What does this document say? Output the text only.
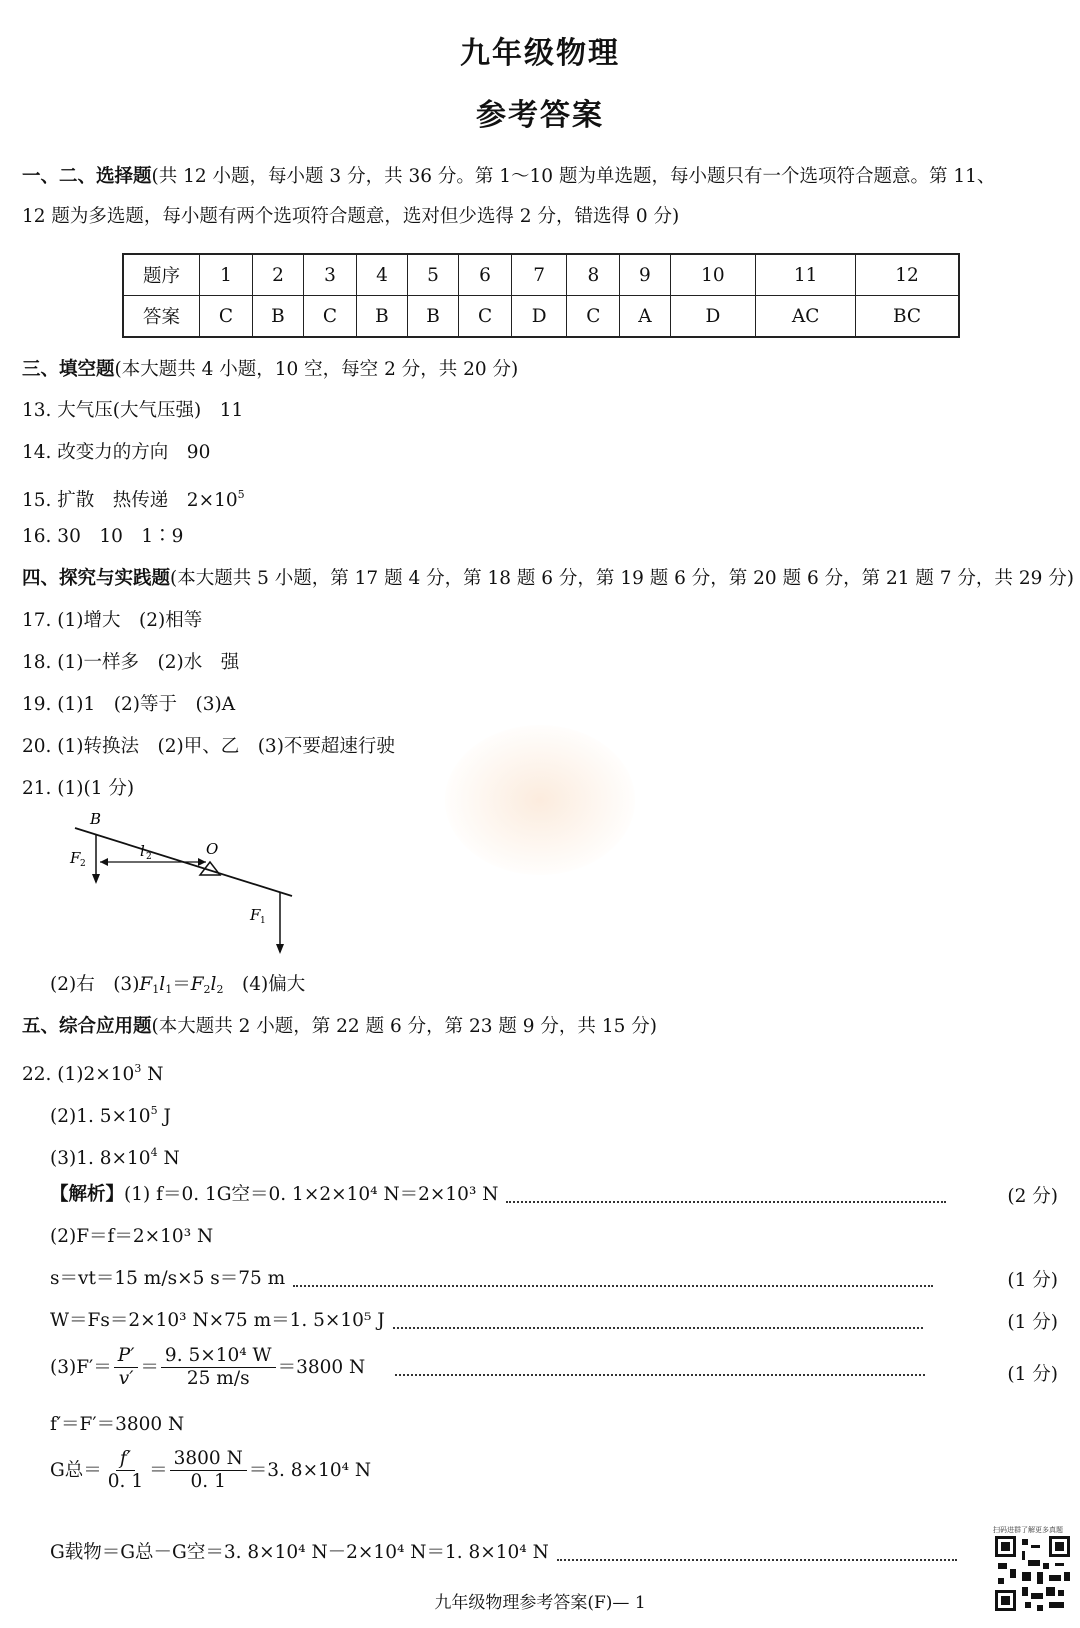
九年级物理
参考答案
一、二、选择题(共 12 小题，每小题 3 分，共 36 分。第 1～10 题为单选题，每小题只有一个选项符合题意。第 11、
12 题为多选题，每小题有两个选项符合题意，选对但少选得 2 分，错选得 0 分)
题序	1	2	3	4	5	6	7	8	9	10	11	12
答案	C	B	C	B	B	C	D	C	A	D	AC	BC
三、填空题(本大题共 4 小题，10 空，每空 2 分，共 20 分)
13. 大气压(大气压强)　11
14. 改变力的方向　90
15. 扩散　热传递　$2\times 10^5$
16. 30　10　1∶9
四、探究与实践题(本大题共 5 小题，第 17 题 4 分，第 18 题 6 分，第 19 题 6 分，第 20 题 6 分，第 21 题 7 分，共 29 分)
17. (1)增大　(2)相等
18. (1)一样多　(2)水　强
19. (1)1　(2)等于　(3)A
20. (1)转换法　(2)甲、乙　(3)不要超速行驶
21. (1)(1 分)
B
O
l 2
F 2
F 1
(2)右　$(3)F_1l_1=F_2l_2$　 (4)偏大
五、综合应用题(本大题共 2 小题，第 22 题 6 分，第 23 题 9 分，共 15 分)
22. $(1)2\times 10^3$ N
(2)1. $5\times 10^5$ J
(3)1. $8\times 10^4$ N
【解析】(1) f＝0. 1G空＝0. 1×2×10⁴ N＝2×10³ N	(2 分)
(2)F＝f＝2×10³ N
s＝vt＝15 m/s×5 s＝75 m	(1 分)
W＝Fs＝2×10³ N×75 m＝1. 5×10⁵ J	(1 分)
$(3)F'= \frac{P'}{v'} = \frac{\text{9. 5×10⁴ W}}{25 m/s} =3800$ N	(1 分)
f′＝F′＝3800 N
G总＝ $\frac{f'}{0. 1} = \frac{3800 N}{0. 1} =3$. 8×10⁴ N
G载物＝G总－G空＝3. 8×10⁴ N－2×10⁴ N＝1. 8×10⁴ N
扫码进群了解更多真题
九年级物理参考答案(F)— 1
